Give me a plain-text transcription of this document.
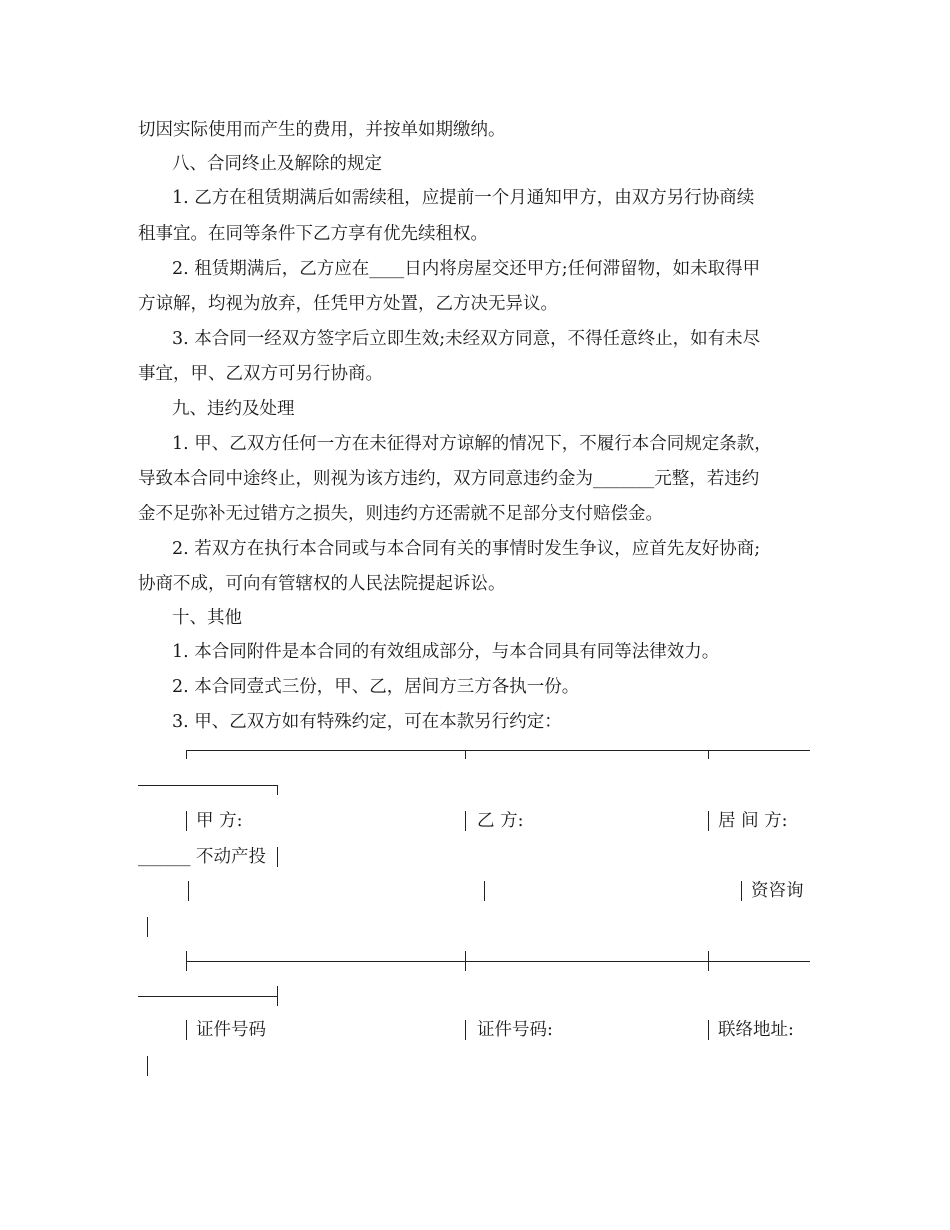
切因实际使用而产生的费用，并按单如期缴纳。
八、合同终止及解除的规定
1. 乙方在租赁期满后如需续租，应提前一个月通知甲方，由双方另行协商续
租事宜。在同等条件下乙方享有优先续租权。
2. 租赁期满后，乙方应在____日内将房屋交还甲方;任何滞留物，如未取得甲
方谅解，均视为放弃，任凭甲方处置，乙方决无异议。
3. 本合同一经双方签字后立即生效;未经双方同意，不得任意终止，如有未尽
事宜，甲、乙双方可另行协商。
九、违约及处理
1. 甲、乙双方任何一方在未征得对方谅解的情况下，不履行本合同规定条款，
导致本合同中途终止，则视为该方违约，双方同意违约金为_______元整，若违约
金不足弥补无过错方之损失，则违约方还需就不足部分支付赔偿金。
2. 若双方在执行本合同或与本合同有关的事情时发生争议，应首先友好协商;
协商不成，可向有管辖权的人民法院提起诉讼。
十、其他
1. 本合同附件是本合同的有效组成部分，与本合同具有同等法律效力。
2. 本合同壹式三份，甲、乙，居间方三方各执一份。
3. 甲、乙双方如有特殊约定，可在本款另行约定：
甲 方:	乙 方:	居 间 方:
______ 不动产投
资咨询
证件号码	证件号码:	联络地址:
